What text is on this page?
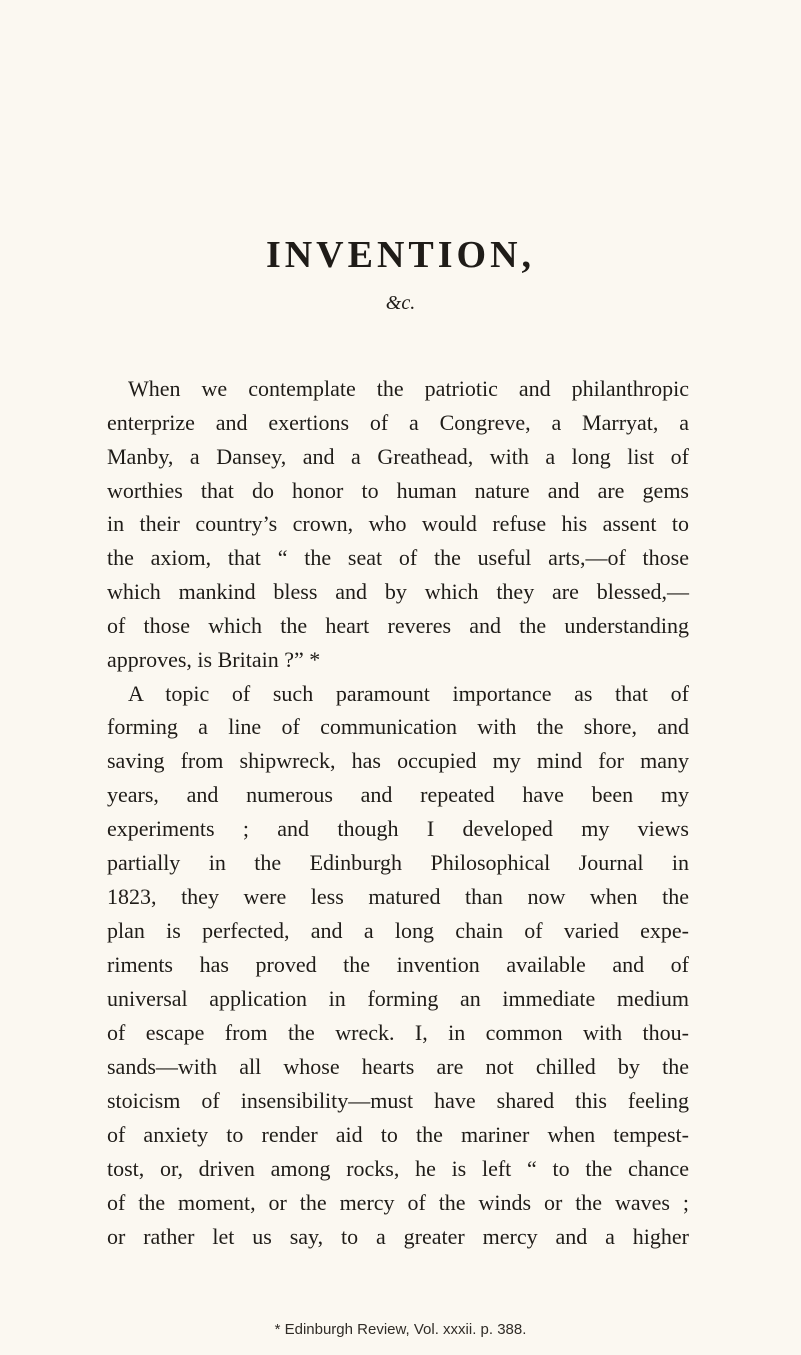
INVENTION,
&c.
When we contemplate the patriotic and philanthropic
enterprize and exertions of a Congreve, a Marryat, a
Manby, a Dansey, and a Greathead, with a long list of
worthies that do honor to human nature and are gems
in their country’s crown, who would refuse his assent to
the axiom, that “ the seat of the useful arts,—of those
which mankind bless and by which they are blessed,—
of those which the heart reveres and the understanding
approves, is Britain ?” *
A topic of such paramount importance as that of
forming a line of communication with the shore, and
saving from shipwreck, has occupied my mind for many
years, and numerous and repeated have been my
experiments ; and though I developed my views
partially in the Edinburgh Philosophical Journal in
1823, they were less matured than now when the
plan is perfected, and a long chain of varied expe-
riments has proved the invention available and of
universal application in forming an immediate medium
of escape from the wreck. I, in common with thou-
sands—with all whose hearts are not chilled by the
stoicism of insensibility—must have shared this feeling
of anxiety to render aid to the mariner when tempest-
tost, or, driven among rocks, he is left “ to the chance
of the moment, or the mercy of the winds or the waves ;
or rather let us say, to a greater mercy and a higher
* Edinburgh Review, Vol. xxxii. p. 388.
